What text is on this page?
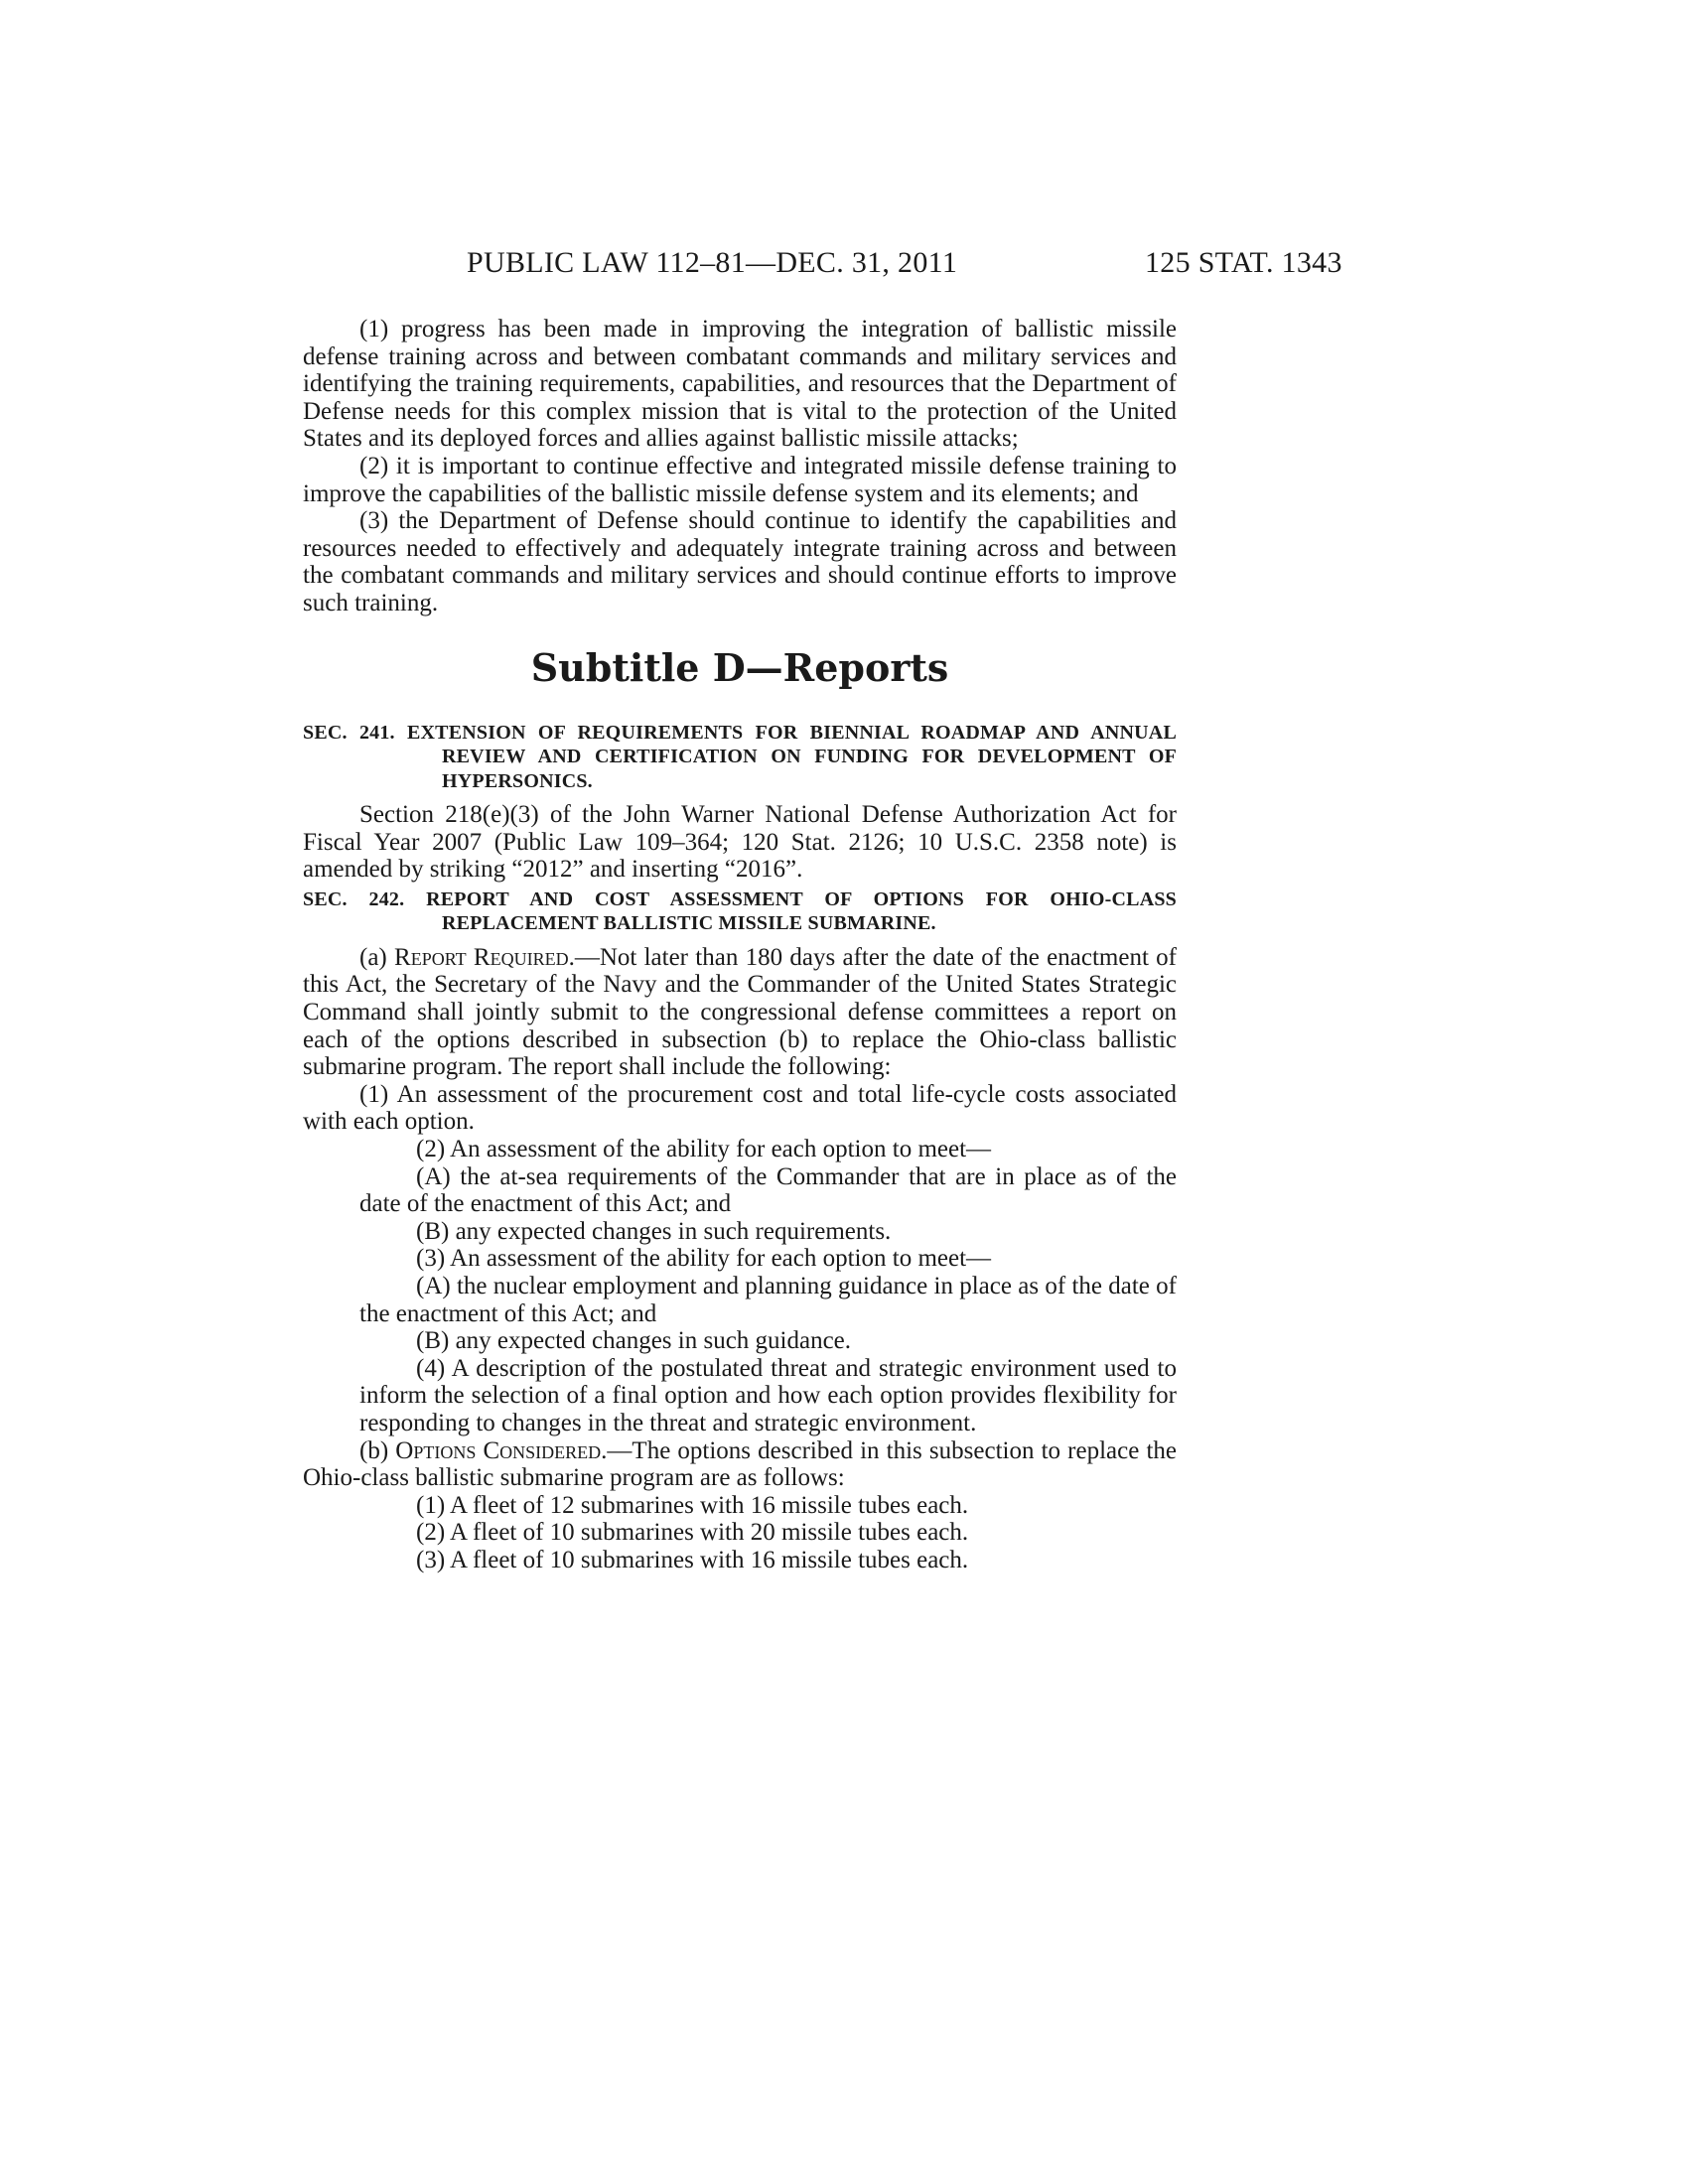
PUBLIC LAW 112–81—DEC. 31, 2011	125 STAT. 1343

(1) progress has been made in improving the integration of ballistic missile defense training across and between combatant commands and military services and identifying the training requirements, capabilities, and resources that the Department of Defense needs for this complex mission that is vital to the protection of the United States and its deployed forces and allies against ballistic missile attacks;

(2) it is important to continue effective and integrated missile defense training to improve the capabilities of the ballistic missile defense system and its elements; and

(3) the Department of Defense should continue to identify the capabilities and resources needed to effectively and adequately integrate training across and between the combatant commands and military services and should continue efforts to improve such training.

Subtitle D—Reports
SEC. 241. EXTENSION OF REQUIREMENTS FOR BIENNIAL ROADMAP AND ANNUAL REVIEW AND CERTIFICATION ON FUNDING FOR DEVELOPMENT OF HYPERSONICS.

Section 218(e)(3) of the John Warner National Defense Authorization Act for Fiscal Year 2007 (Public Law 109–364; 120 Stat. 2126; 10 U.S.C. 2358 note) is amended by striking “2012” and inserting “2016”.

SEC. 242. REPORT AND COST ASSESSMENT OF OPTIONS FOR OHIO-CLASS REPLACEMENT BALLISTIC MISSILE SUBMARINE.

(a) Report Required.—Not later than 180 days after the date of the enactment of this Act, the Secretary of the Navy and the Commander of the United States Strategic Command shall jointly submit to the congressional defense committees a report on each of the options described in subsection (b) to replace the Ohio-class ballistic submarine program. The report shall include the following:

(1) An assessment of the procurement cost and total life-cycle costs associated with each option.

(2) An assessment of the ability for each option to meet—

(A) the at-sea requirements of the Commander that are in place as of the date of the enactment of this Act; and

(B) any expected changes in such requirements.

(3) An assessment of the ability for each option to meet—

(A) the nuclear employment and planning guidance in place as of the date of the enactment of this Act; and

(B) any expected changes in such guidance.

(4) A description of the postulated threat and strategic environment used to inform the selection of a final option and how each option provides flexibility for responding to changes in the threat and strategic environment.

(b) Options Considered.—The options described in this subsection to replace the Ohio-class ballistic submarine program are as follows:

(1) A fleet of 12 submarines with 16 missile tubes each.

(2) A fleet of 10 submarines with 20 missile tubes each.

(3) A fleet of 10 submarines with 16 missile tubes each.
